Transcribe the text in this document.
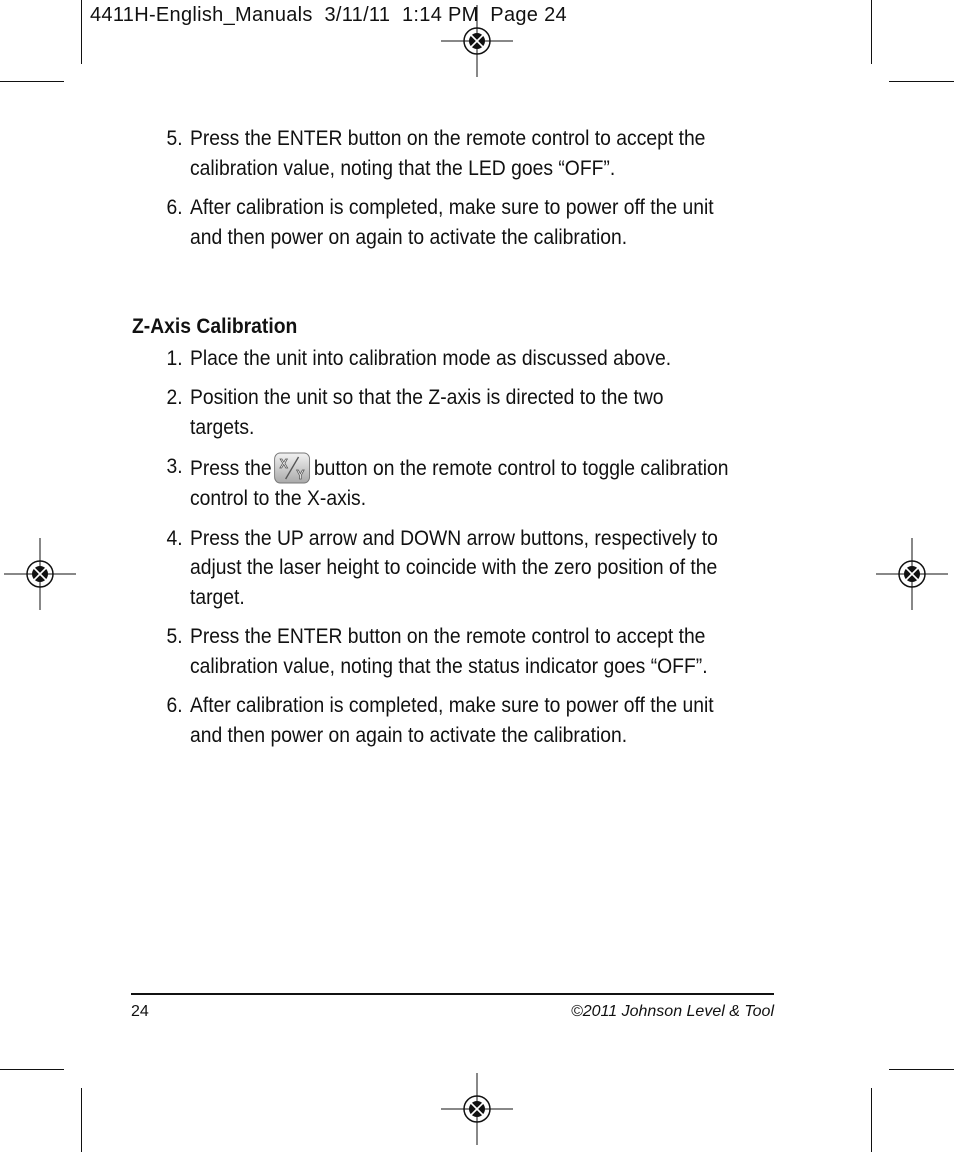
4411H-English_Manuals  3/11/11  1:14 PM  Page 24
5. Press the ENTER button on the remote control to accept the calibration value, noting that the LED goes “OFF”.
6. After calibration is completed, make sure to power off the unit and then power on again to activate the calibration.
Z-Axis Calibration
1. Place the unit into calibration mode as discussed above.
2. Position the unit so that the Z-axis is directed to the two targets.
3. Press the X
Y button on the remote control to toggle calibration control to the X-axis.
4. Press the UP arrow and DOWN arrow buttons, respectively to adjust the laser height to coincide with the zero position of the target.
5. Press the ENTER button on the remote control to accept the calibration value, noting that the status indicator goes “OFF”.
6. After calibration is completed, make sure to power off the unit and then power on again to activate the calibration.
24	©2011 Johnson Level & Tool
